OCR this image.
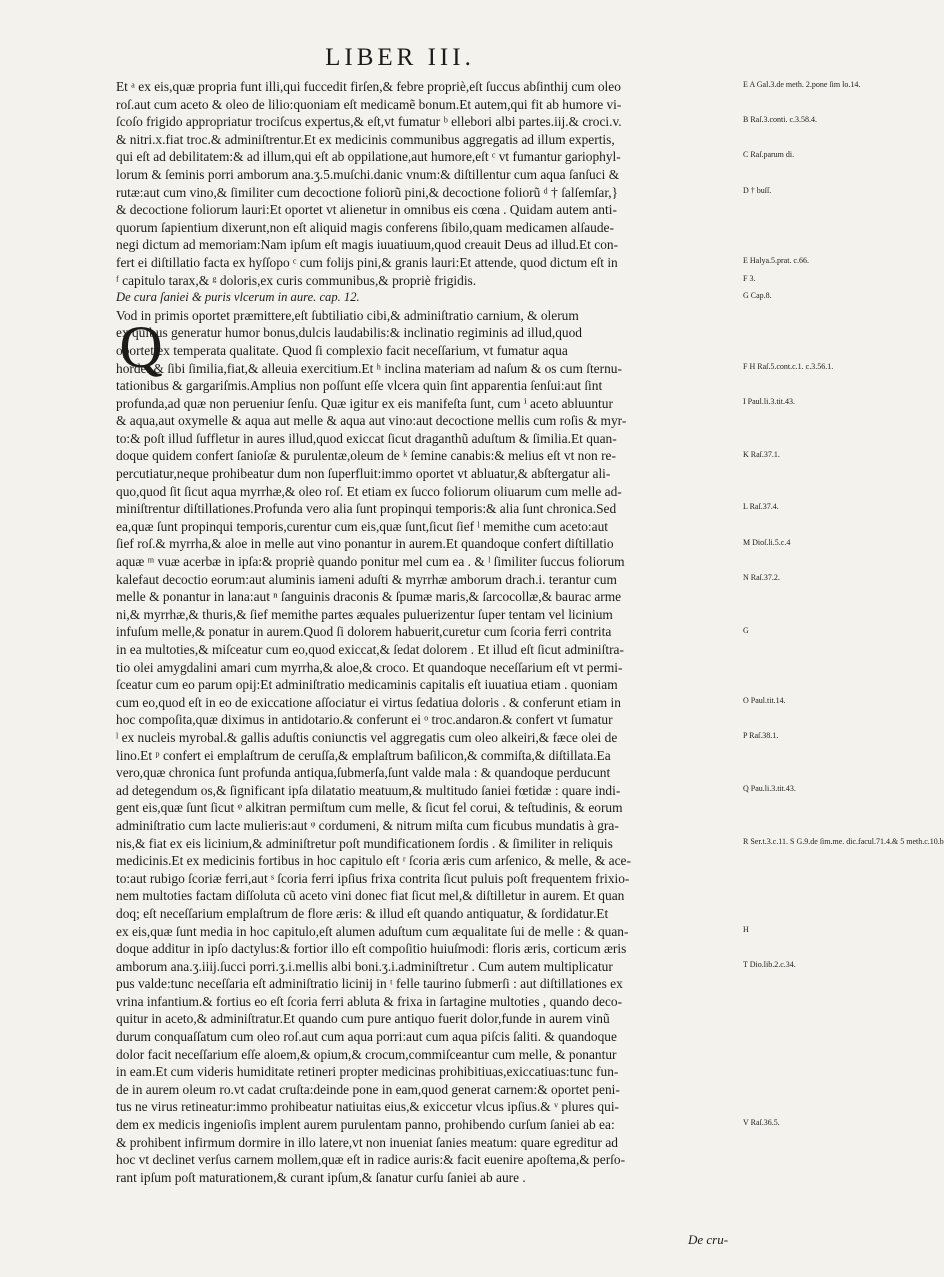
LIBER III.
Q
Et ᵃ ex eis,quæ propria funt illi,qui fuccedit firſen,& febre propriè,eſt ſuccus abſinthij cum oleo
roſ.aut cum aceto & oleo de lilio:quoniam eſt medicamẽ bonum.Et autem,qui fit ab humore vi-
ſcoſo frigido appropriatur trociſcus expertus,& eſt,vt fumatur ᵇ ellebori albi partes.iij.& croci.v.
& nitri.x.fiat troc.& adminiſtrentur.Et ex medicinis communibus aggregatis ad illum expertis,
qui eſt ad debilitatem:& ad illum,qui eſt ab oppilatione,aut humore,eſt ᶜ vt fumantur gariophyl-
lorum & ſeminis porri amborum ana.ʒ.5.muſchi.danic vnum:& diſtillentur cum aqua ſanſuci &
rutæ:aut cum vino,& ſimiliter cum decoctione foliorũ pini,& decoctione foliorũ ᵈ † ſalſemſar,}
& decoctione foliorum lauri:Et oportet vt alienetur in omnibus eis cœna . Quidam autem anti-
quorum ſapientium dixerunt,non eſt aliquid magis conferens ſibilo,quam medicamen alſaude-
negi dictum ad memoriam:Nam ipſum eſt magis iuuatiuum,quod creauit Deus ad illud.Et con-
fert ei diſtillatio facta ex hyſſopo ᶜ cum folijs pini,& granis lauri:Et attende, quod dictum eſt in
ᶠ capitulo tarax,& ᵍ doloris,ex curis communibus,& propriè frigidis.
De cura ſaniei & puris vlcerum in aure. cap. 12.
Vod in primis oportet præmittere,eſt ſubtiliatio cibi,& adminiſtratio carnium, & olerum
ex quibus generatur humor bonus,dulcis laudabilis:& inclinatio regiminis ad illud,quod
oportet ex temperata qualitate. Quod ſi complexio facit neceſſarium, vt fumatur aqua
hordei,& ſibi ſimilia,fiat,& alleuia exercitium.Et ʰ inclina materiam ad naſum & os cum ſternu-
tationibus & gargariſmis.Amplius non poſſunt eſſe vlcera quin ſint apparentia ſenſui:aut ſint
profunda,ad quæ non perueniur ſenſu. Quæ igitur ex eis manifeſta ſunt, cum ⁱ aceto abluuntur
& aqua,aut oxymelle & aqua aut melle & aqua aut vino:aut decoctione mellis cum roſis & myr-
to:& poſt illud ſuffletur in aures illud,quod exiccat ſicut draganthũ aduſtum & ſimilia.Et quan-
doque quidem confert ſanioſæ & purulentæ,oleum de ᵏ ſemine canabis:& melius eſt vt non re-
percutiatur,neque prohibeatur dum non ſuperfluit:immo oportet vt abluatur,& abſtergatur ali-
quo,quod ſit ſicut aqua myrrhæ,& oleo roſ. Et etiam ex ſucco foliorum oliuarum cum melle ad-
miniſtrentur diſtillationes.Profunda vero alia ſunt propinqui temporis:& alia ſunt chronica.Sed
ea,quæ ſunt propinqui temporis,curentur cum eis,quæ ſunt,ſicut ſief ˡ memithe cum aceto:aut
ſief roſ.& myrrha,& aloe in melle aut vino ponantur in aurem.Et quandoque confert diſtillatio
aquæ ᵐ vuæ acerbæ in ipſa:& propriè quando ponitur mel cum ea . & ˡ ſimiliter ſuccus foliorum
kalefaut decoctio eorum:aut aluminis iameni aduſti & myrrhæ amborum drach.i. terantur cum
melle & ponantur in lana:aut ⁿ ſanguinis draconis & ſpumæ maris,& ſarcocollæ,& baurac arme
ni,& myrrhæ,& thuris,& ſief memithe partes æquales puluerizentur ſuper tentam vel licinium
infuſum melle,& ponatur in aurem.Quod ſi dolorem habuerit,curetur cum ſcoria ferri contrita
in ea multoties,& miſceatur cum eo,quod exiccat,& ſedat dolorem . Et illud eſt ſicut adminiſtra-
tio olei amygdalini amari cum myrrha,& aloe,& croco. Et quandoque neceſſarium eſt vt permi-
ſceatur cum eo parum opij:Et adminiſtratio medicaminis capitalis eſt iuuatiua etiam . quoniam
cum eo,quod eſt in eo de exiccatione aſſociatur ei virtus ſedatiua doloris . & conferunt etiam in
hoc compoſita,quæ diximus in antidotario.& conferunt ei ᵒ troc.andaron.& confert vt ſumatur
ˡ ex nucleis myrobal.& gallis aduſtis coniunctis vel aggregatis cum oleo alkeiri,& fæce olei de
lino.Et ᵖ confert ei emplaſtrum de ceruſſa,& emplaſtrum baſilicon,& commiſta,& diſtillata.Ea
vero,quæ chronica ſunt profunda antiqua,ſubmerſa,ſunt valde mala : & quandoque perducunt
ad detegendum os,& ſignificant ipſa dilatatio meatuum,& multitudo ſaniei fœtidæ : quare indi-
gent eis,quæ ſunt ſicut ᵠ alkitran permiſtum cum melle, & ſicut fel corui, & teſtudinis, & eorum
adminiſtratio cum lacte mulieris:aut ᵠ cordumeni, & nitrum miſta cum ficubus mundatis à gra-
nis,& fiat ex eis licinium,& adminiſtretur poſt mundificationem ſordis . & ſimiliter in reliquis
medicinis.Et ex medicinis fortibus in hoc capitulo eſt ʳ ſcoria æris cum arſenico, & melle, & ace-
to:aut rubigo ſcoriæ ferri,aut ˢ ſcoria ferri ipſius frixa contrita ſicut puluis poſt frequentem frixio-
nem multoties factam diſſoluta cũ aceto vini donec fiat ſicut mel,& diſtilletur in aurem. Et quan
doq; eſt neceſſarium emplaſtrum de flore æris: & illud eſt quando antiquatur, & ſordidatur.Et
ex eis,quæ ſunt media in hoc capitulo,eſt alumen aduſtum cum æqualitate ſui de melle : & quan-
doque additur in ipſo dactylus:& fortior illo eſt compoſitio huiuſmodi: floris æris, corticum æris
amborum ana.ʒ.iiij.ſucci porri.ʒ.i.mellis albi boni.ʒ.i.adminiſtretur . Cum autem multiplicatur
pus valde:tunc neceſſaria eſt adminiſtratio licinij in ᵗ felle taurino ſubmerſi : aut diſtillationes ex
vrina infantium.& fortius eo eſt ſcoria ferri abluta & frixa in ſartagine multoties , quando deco-
quitur in aceto,& adminiſtratur.Et quando cum pure antiquo fuerit dolor,funde in aurem vinũ
durum conquaſſatum cum oleo roſ.aut cum aqua porri:aut cum aqua piſcis ſaliti. & quandoque
dolor facit neceſſarium eſſe aloem,& opium,& crocum,commiſceantur cum melle, & ponantur
in eam.Et cum videris humiditate retineri propter medicinas prohibitiuas,exiccatiuas:tunc fun-
de in aurem oleum ro.vt cadat cruſta:deinde pone in eam,quod generat carnem:& oportet peni-
tus ne virus retineatur:immo prohibeatur natiuitas eius,& exiccetur vlcus ipſius.& ᵛ plures qui-
dem ex medicis ingenioſis implent aurem purulentam panno, prohibendo curſum ſaniei ab ea:
& prohibent infirmum dormire in illo latere,vt non inueniat ſanies meatum: quare egreditur ad
hoc vt declinet verſus carnem mollem,quæ eſt in radice auris:& facit euenire apoſtema,& perſo-
rant ipſum poſt maturationem,& curant ipſum,& ſanatur curſu ſaniei ab aure .
E A Gal.3.de meth. 2.pone ſim lo.14.
B Raſ.3.conti. c.3.58.4.
C Raſ.parum di.
D † buſſ.
E Halya.5.prat. c.66.
F 3.
G Cap.8.
F H Raſ.5.cont.c.1. c.3.56.1.
I Paul.li.3.tit.43.
K Raſ.37.1.
L Raſ.37.4.
M Dioſ.li.5.c.4
N Raſ.37.2.
G
O Paul.tit.14.
P Raſ.38.1.
Q Pau.li.3.tit.43.
R Ser.t.3.c.11. S G.9.de ſim.me. dic.facul.71.4.& 5 meth.c.10.b
H
T Dio.lib.2.c.34.
V Raſ.36.5.
De cru-
